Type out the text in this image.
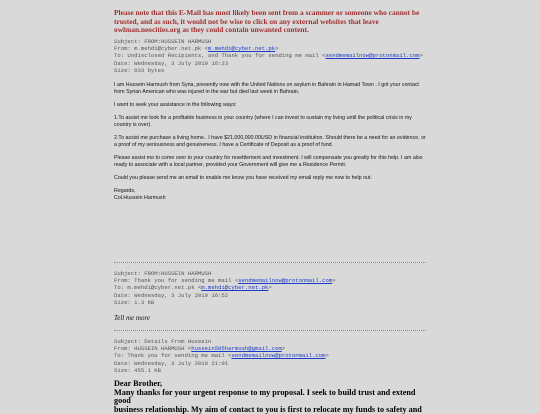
Please note that this E-Mail has most likely been sent from a scammer or someone who cannot be trusted, and as such, it would not be wise to click on any external websites that leave owlman.neocities.org as they could contain unwanted content.
Subject: FROM:HUSSEIN HARMUSH
From: m.mehdi@cyber.net.pk <m.mehdi@cyber.net.pk>
To: Undisclosed Recipients, and Thank you for sending me mail <sendmemailnow@protonmail.com>
Date: Wednesday, 3 July 2019 16:23
Size: 933 bytes

I am Hussein Harmush from Syria, presently now with the United Nations on asylum in Bahrain in Hamad Town . I got your contact from Syrian American who was injured in the war but died last week in Bahrain.

I want to seek your assistance in the following ways:

1.To assist me look for a profitable business in your country (where I can invest to sustain my living until the political crisis in my country is over).

2.To assist me purchase a living home.. I have $21,000,000.00USD in financial institution. Should there be a need for an evidence, or a proof of my seriousness and genuineness. I have a Certificate of Deposit as a proof of fund.

Please assist me to come over to your country for resettlement and investment. I will compensate you greatly for this help. I am also ready to associate with a local partner, provided your Government will give me a Residence Permit.

Could you please send me an email to enable me know you have received my email reply me now to help out.

Regards,

Col.Hussein Harmush

Subject: FROM:HUSSEIN HARMUSH
From: Thank you for sending me mail <sendmemailnow@protonmail.com>
To: m.mehdi@cyber.net.pk <m.mehdi@cyber.net.pk>
Date: Wednesday, 3 July 2019 16:52
Size: 1.3 KB
Tell me more
Subject: Details From Hussein
From: HUSSEIN HARMUSH <hussein505harmush@gmail.com>
To: Thank you for sending me mail <sendmemailnow@protonmail.com>
Date: Wednesday, 3 July 2019 21:01
Size: 455.1 KB

Dear Brother,

Many thanks for your urgent response to my proposal. I seek to build trust and extend good

business relationship. My aim of contact to you is first to relocate my funds to safety and
